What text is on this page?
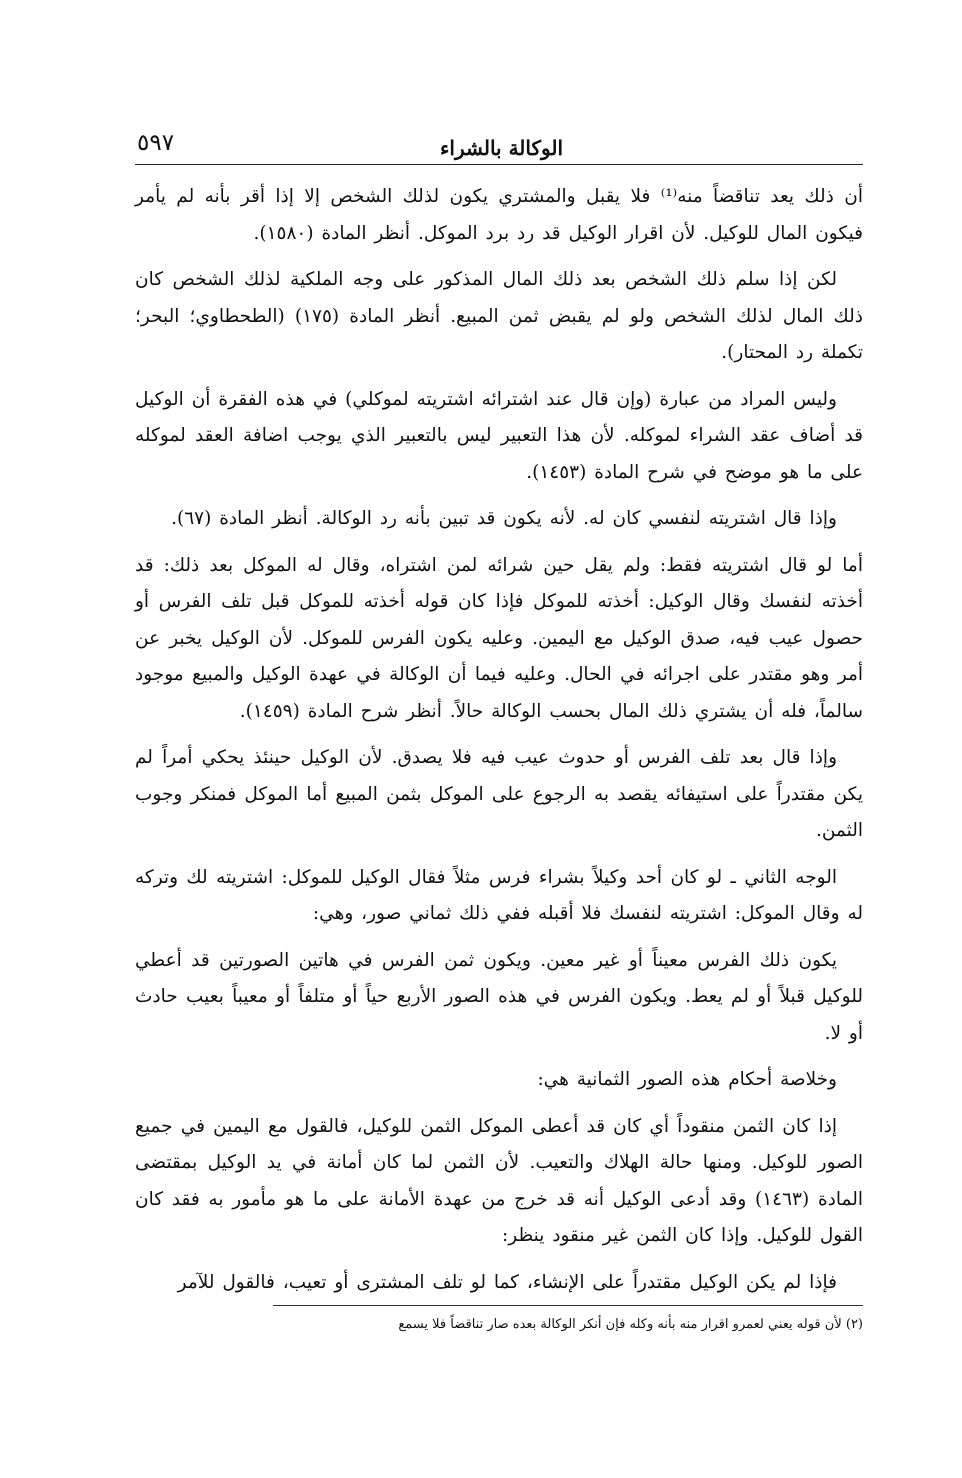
الوكالة بالشراء
٥٩٧

أن ذلك يعد تناقضاً منه⁽¹⁾ فلا يقبل والمشتري يكون لذلك الشخص إلا إذا أقر بأنه لم يأمر فيكون المال للوكيل. لأن اقرار الوكيل قد رد برد الموكل. أنظر المادة (١٥٨٠).

لكن إذا سلم ذلك الشخص بعد ذلك المال المذكور على وجه الملكية لذلك الشخص كان ذلك المال لذلك الشخص ولو لم يقبض ثمن المبيع. أنظر المادة (١٧٥) (الطحطاوي؛ البحر؛ تكملة رد المحتار).

وليس المراد من عبارة (وإن قال عند اشترائه اشتريته لموكلي) في هذه الفقرة أن الوكيل قد أضاف عقد الشراء لموكله. لأن هذا التعبير ليس بالتعبير الذي يوجب اضافة العقد لموكله على ما هو موضح في شرح المادة (١٤٥٣).

وإذا قال اشتريته لنفسي كان له. لأنه يكون قد تبين بأنه رد الوكالة. أنظر المادة (٦٧).

أما لو قال اشتريته فقط: ولم يقل حين شرائه لمن اشتراه، وقال له الموكل بعد ذلك: قد أخذته لنفسك وقال الوكيل: أخذته للموكل فإذا كان قوله أخذته للموكل قبل تلف الفرس أو حصول عيب فيه، صدق الوكيل مع اليمين. وعليه يكون الفرس للموكل. لأن الوكيل يخبر عن أمر وهو مقتدر على اجرائه في الحال. وعليه فيما أن الوكالة في عهدة الوكيل والمبيع موجود سالماً، فله أن يشتري ذلك المال بحسب الوكالة حالاً. أنظر شرح المادة (١٤٥٩).

وإذا قال بعد تلف الفرس أو حدوث عيب فيه فلا يصدق. لأن الوكيل حينئذ يحكي أمراً لم يكن مقتدراً على استيفائه يقصد به الرجوع على الموكل بثمن المبيع أما الموكل فمنكر وجوب الثمن.

الوجه الثاني ـ لو كان أحد وكيلاً بشراء فرس مثلاً فقال الوكيل للموكل: اشتريته لك وتركه له وقال الموكل: اشتريته لنفسك فلا أقبله ففي ذلك ثماني صور، وهي:

يكون ذلك الفرس معيناً أو غير معين. ويكون ثمن الفرس في هاتين الصورتين قد أعطي للوكيل قبلاً أو لم يعط. ويكون الفرس في هذه الصور الأربع حياً أو متلفاً أو معيباً بعيب حادث أو لا.

وخلاصة أحكام هذه الصور الثمانية هي:

إذا كان الثمن منقوداً أي كان قد أعطى الموكل الثمن للوكيل، فالقول مع اليمين في جميع الصور للوكيل. ومنها حالة الهلاك والتعيب. لأن الثمن لما كان أمانة في يد الوكيل بمقتضى المادة (١٤٦٣) وقد أدعى الوكيل أنه قد خرج من عهدة الأمانة على ما هو مأمور به فقد كان القول للوكيل. وإذا كان الثمن غير منقود ينظر:

فإذا لم يكن الوكيل مقتدراً على الإنشاء، كما لو تلف المشترى أو تعيب، فالقول للآمر

(٢) لأن قوله يعني لعمرو اقرار منه بأنه وكله فإن أنكر الوكالة بعده صار تناقضاً فلا يسمع
